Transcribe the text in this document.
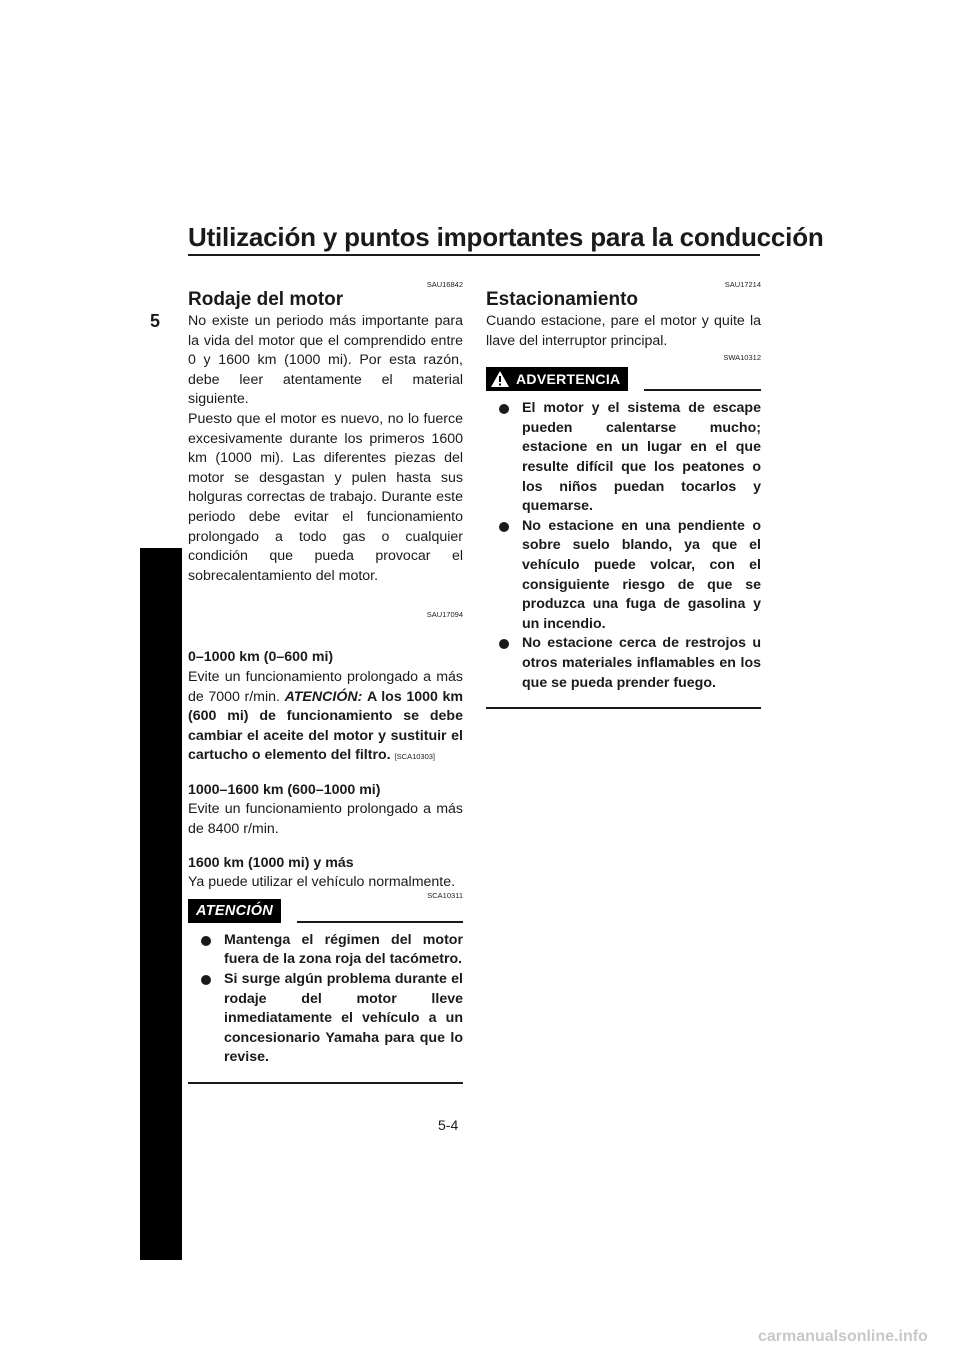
Utilización y puntos importantes para la conducción
5
SAU16842
Rodaje del motor

No existe un periodo más importante para la vida del motor que el comprendido entre 0 y 1600 km (1000 mi). Por esta razón, debe leer atentamente el material siguiente.

Puesto que el motor es nuevo, no lo fuerce excesivamente durante los primeros 1600 km (1000 mi). Las diferentes piezas del motor se desgastan y pulen hasta sus holguras correctas de trabajo. Durante este periodo debe evitar el funcionamiento prolongado a todo gas o cualquier condición que pueda provocar el sobrecalentamiento del motor.

SAU17094

0–1000 km (0–600 mi)

Evite un funcionamiento prolongado a más de 7000 r/min. ATENCIÓN: A los 1000 km (600 mi) de funcionamiento se debe cambiar el aceite del motor y sustituir el cartucho o elemento del filtro. [SCA10303]

1000–1600 km (600–1000 mi)

Evite un funcionamiento prolongado a más de 8400 r/min.

1600 km (1000 mi) y más

Ya puede utilizar el vehículo normalmente.

ATENCIÓN
SCA10311
Mantenga el régimen del motor fuera de la zona roja del tacómetro.
Si surge algún problema durante el rodaje del motor lleve inmediatamente el vehículo a un concesionario Yamaha para que lo revise.
SAU17214
Estacionamiento

Cuando estacione, pare el motor y quite la llave del interruptor principal.

SWA10312
ADVERTENCIA
El motor y el sistema de escape pueden calentarse mucho; estacione en un lugar en el que resulte difícil que los peatones o los niños puedan tocarlos y quemarse.
No estacione en una pendiente o sobre suelo blando, ya que el vehículo puede volcar, con el consiguiente riesgo de que se produzca una fuga de gasolina y un incendio.
No estacione cerca de restrojos u otros materiales inflamables en los que se pueda prender fuego.
5-4
carmanualsonline.info
